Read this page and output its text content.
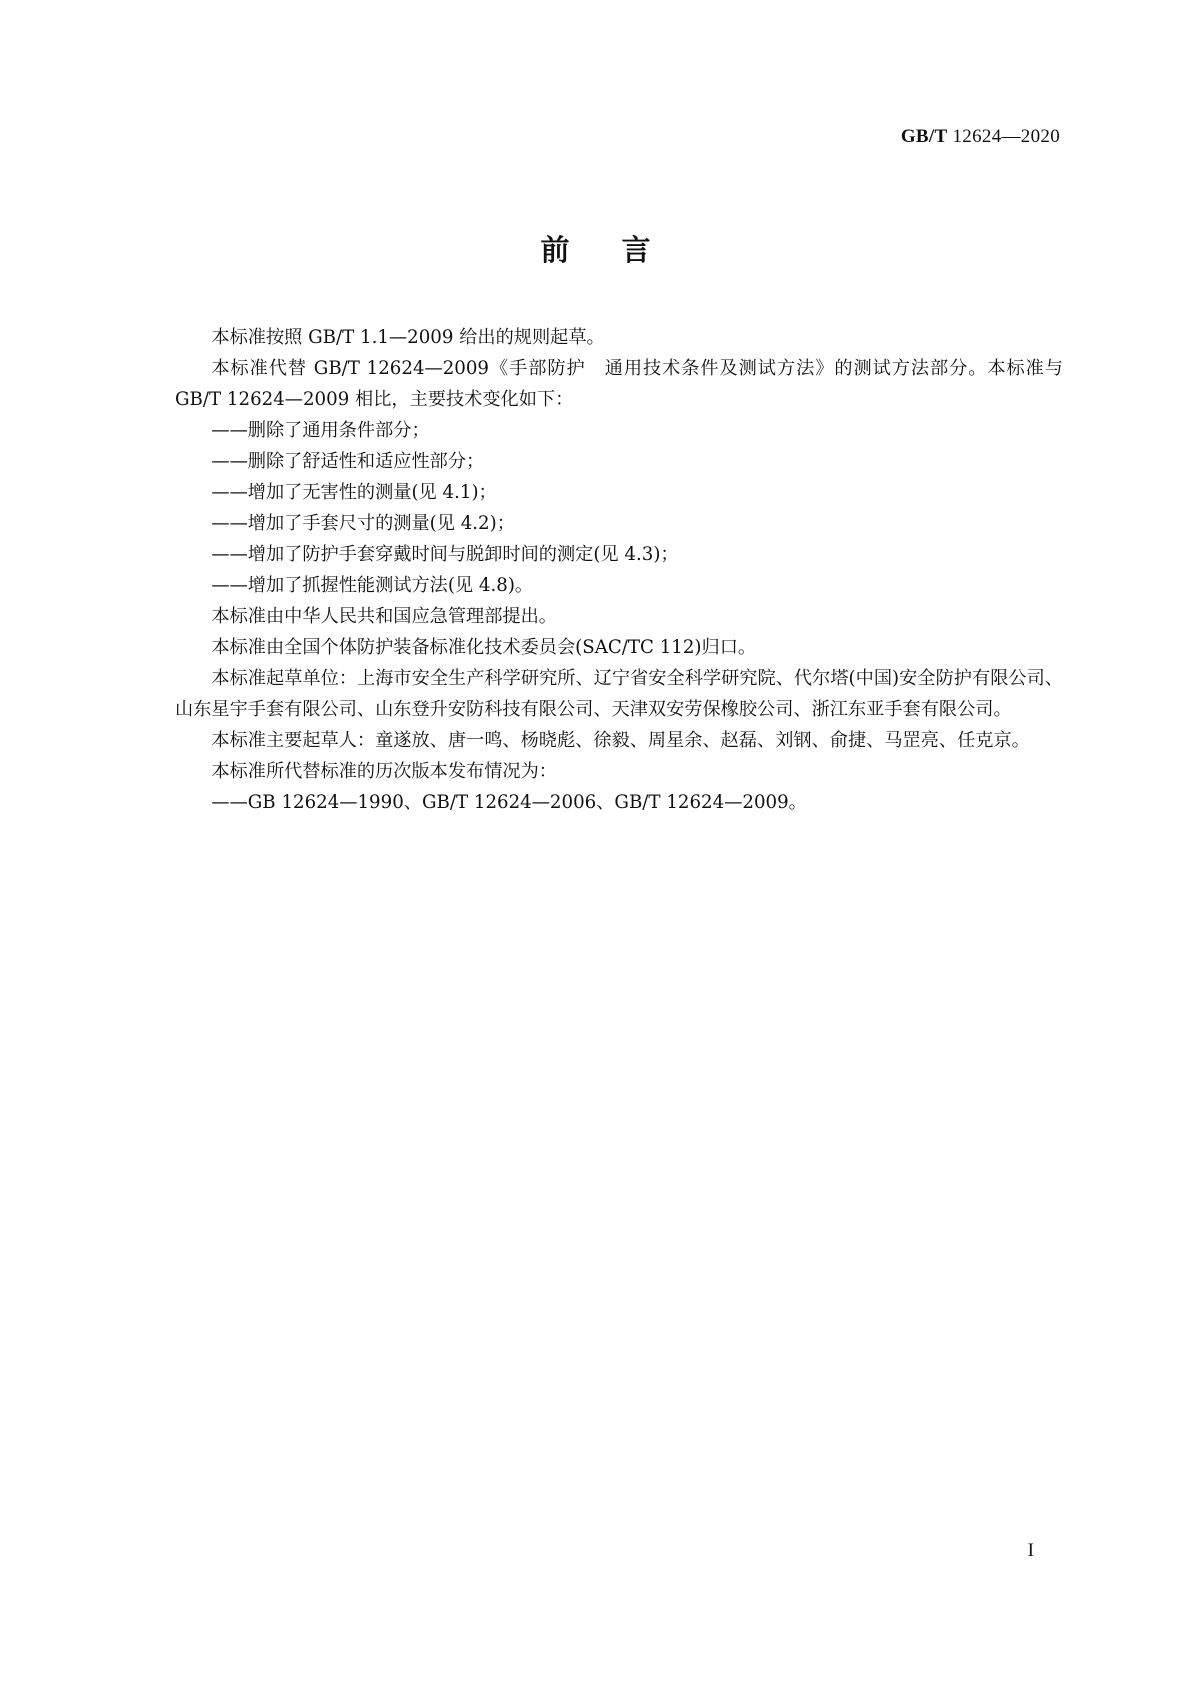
GB/T 12624—2020
前言

本标准按照 GB/T 1.1—2009 给出的规则起草。

本标准代替 GB/T 12624—2009《手部防护　通用技术条件及测试方法》的测试方法部分。本标准与 GB/T 12624—2009 相比，主要技术变化如下：

——删除了通用条件部分；

——删除了舒适性和适应性部分；

——增加了无害性的测量(见 4.1)；

——增加了手套尺寸的测量(见 4.2)；

——增加了防护手套穿戴时间与脱卸时间的测定(见 4.3)；

——增加了抓握性能测试方法(见 4.8)。

本标准由中华人民共和国应急管理部提出。

本标准由全国个体防护装备标准化技术委员会(SAC/TC 112)归口。

本标准起草单位：上海市安全生产科学研究所、辽宁省安全科学研究院、代尔塔(中国)安全防护有限公司、山东星宇手套有限公司、山东登升安防科技有限公司、天津双安劳保橡胶公司、浙江东亚手套有限公司。

本标准主要起草人：童遂放、唐一鸣、杨晓彪、徐毅、周星余、赵磊、刘钢、俞捷、马罡亮、任克京。

本标准所代替标准的历次版本发布情况为：

——GB 12624—1990、GB/T 12624—2006、GB/T 12624—2009。

I
